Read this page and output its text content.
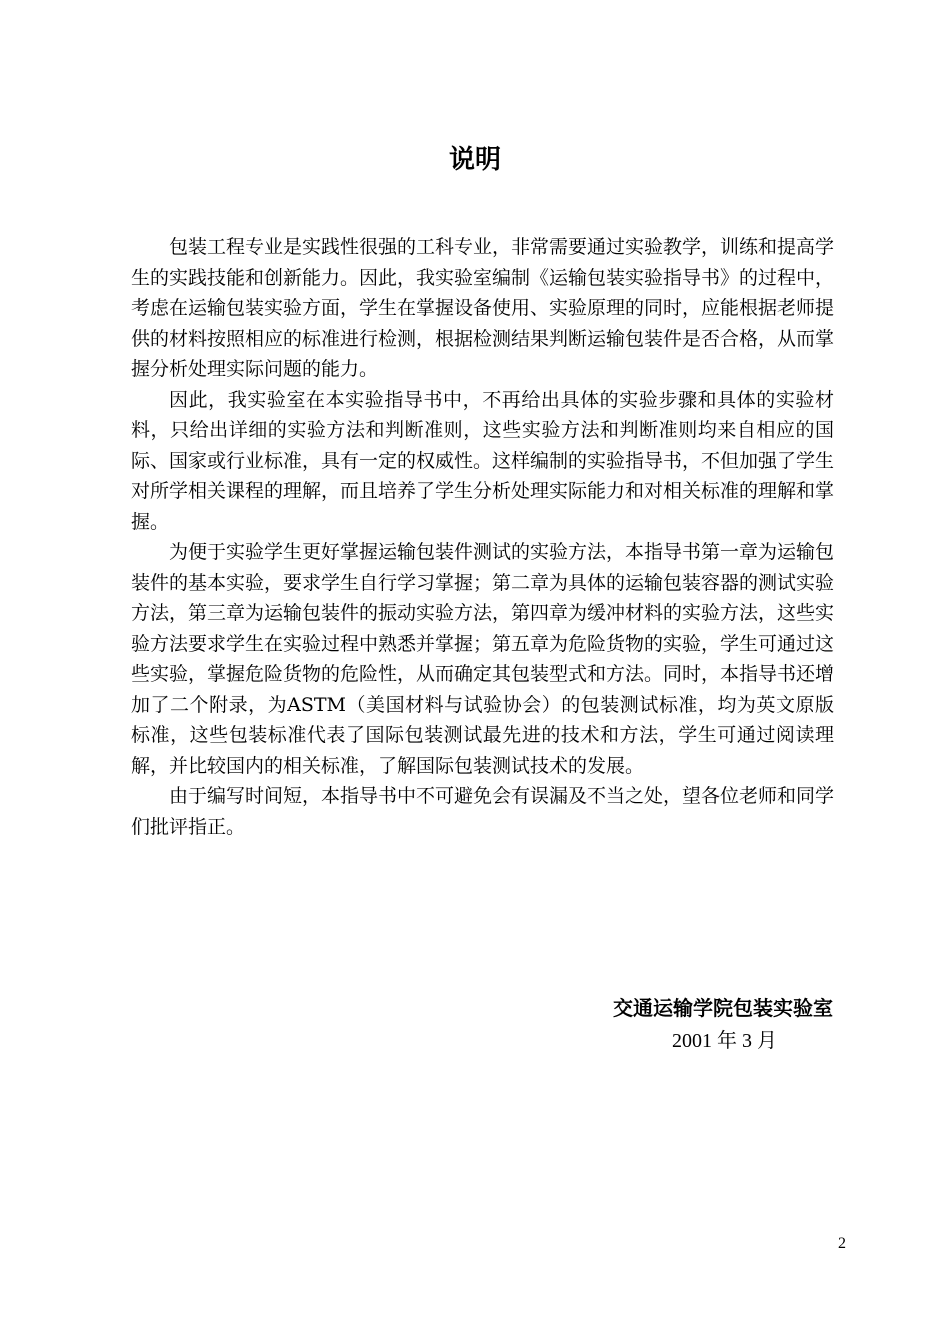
说明

包装工程专业是实践性很强的工科专业，非常需要通过实验教学，训练和提高学生的实践技能和创新能力。因此，我实验室编制《运输包装实验指导书》的过程中，考虑在运输包装实验方面，学生在掌握设备使用、实验原理的同时，应能根据老师提供的材料按照相应的标准进行检测，根据检测结果判断运输包装件是否合格，从而掌握分析处理实际问题的能力。

因此，我实验室在本实验指导书中，不再给出具体的实验步骤和具体的实验材料，只给出详细的实验方法和判断准则，这些实验方法和判断准则均来自相应的国际、国家或行业标准，具有一定的权威性。这样编制的实验指导书，不但加强了学生对所学相关课程的理解，而且培养了学生分析处理实际能力和对相关标准的理解和掌握。

为便于实验学生更好掌握运输包装件测试的实验方法，本指导书第一章为运输包装件的基本实验，要求学生自行学习掌握；第二章为具体的运输包装容器的测试实验方法，第三章为运输包装件的振动实验方法，第四章为缓冲材料的实验方法，这些实验方法要求学生在实验过程中熟悉并掌握；第五章为危险货物的实验，学生可通过这些实验，掌握危险货物的危险性，从而确定其包装型式和方法。同时，本指导书还增加了二个附录，为ASTM（美国材料与试验协会）的包装测试标准，均为英文原版标准，这些包装标准代表了国际包装测试最先进的技术和方法，学生可通过阅读理解，并比较国内的相关标准，了解国际包装测试技术的发展。

由于编写时间短，本指导书中不可避免会有误漏及不当之处，望各位老师和同学们批评指正。

交通运输学院包装实验室
2001 年 3 月
2
